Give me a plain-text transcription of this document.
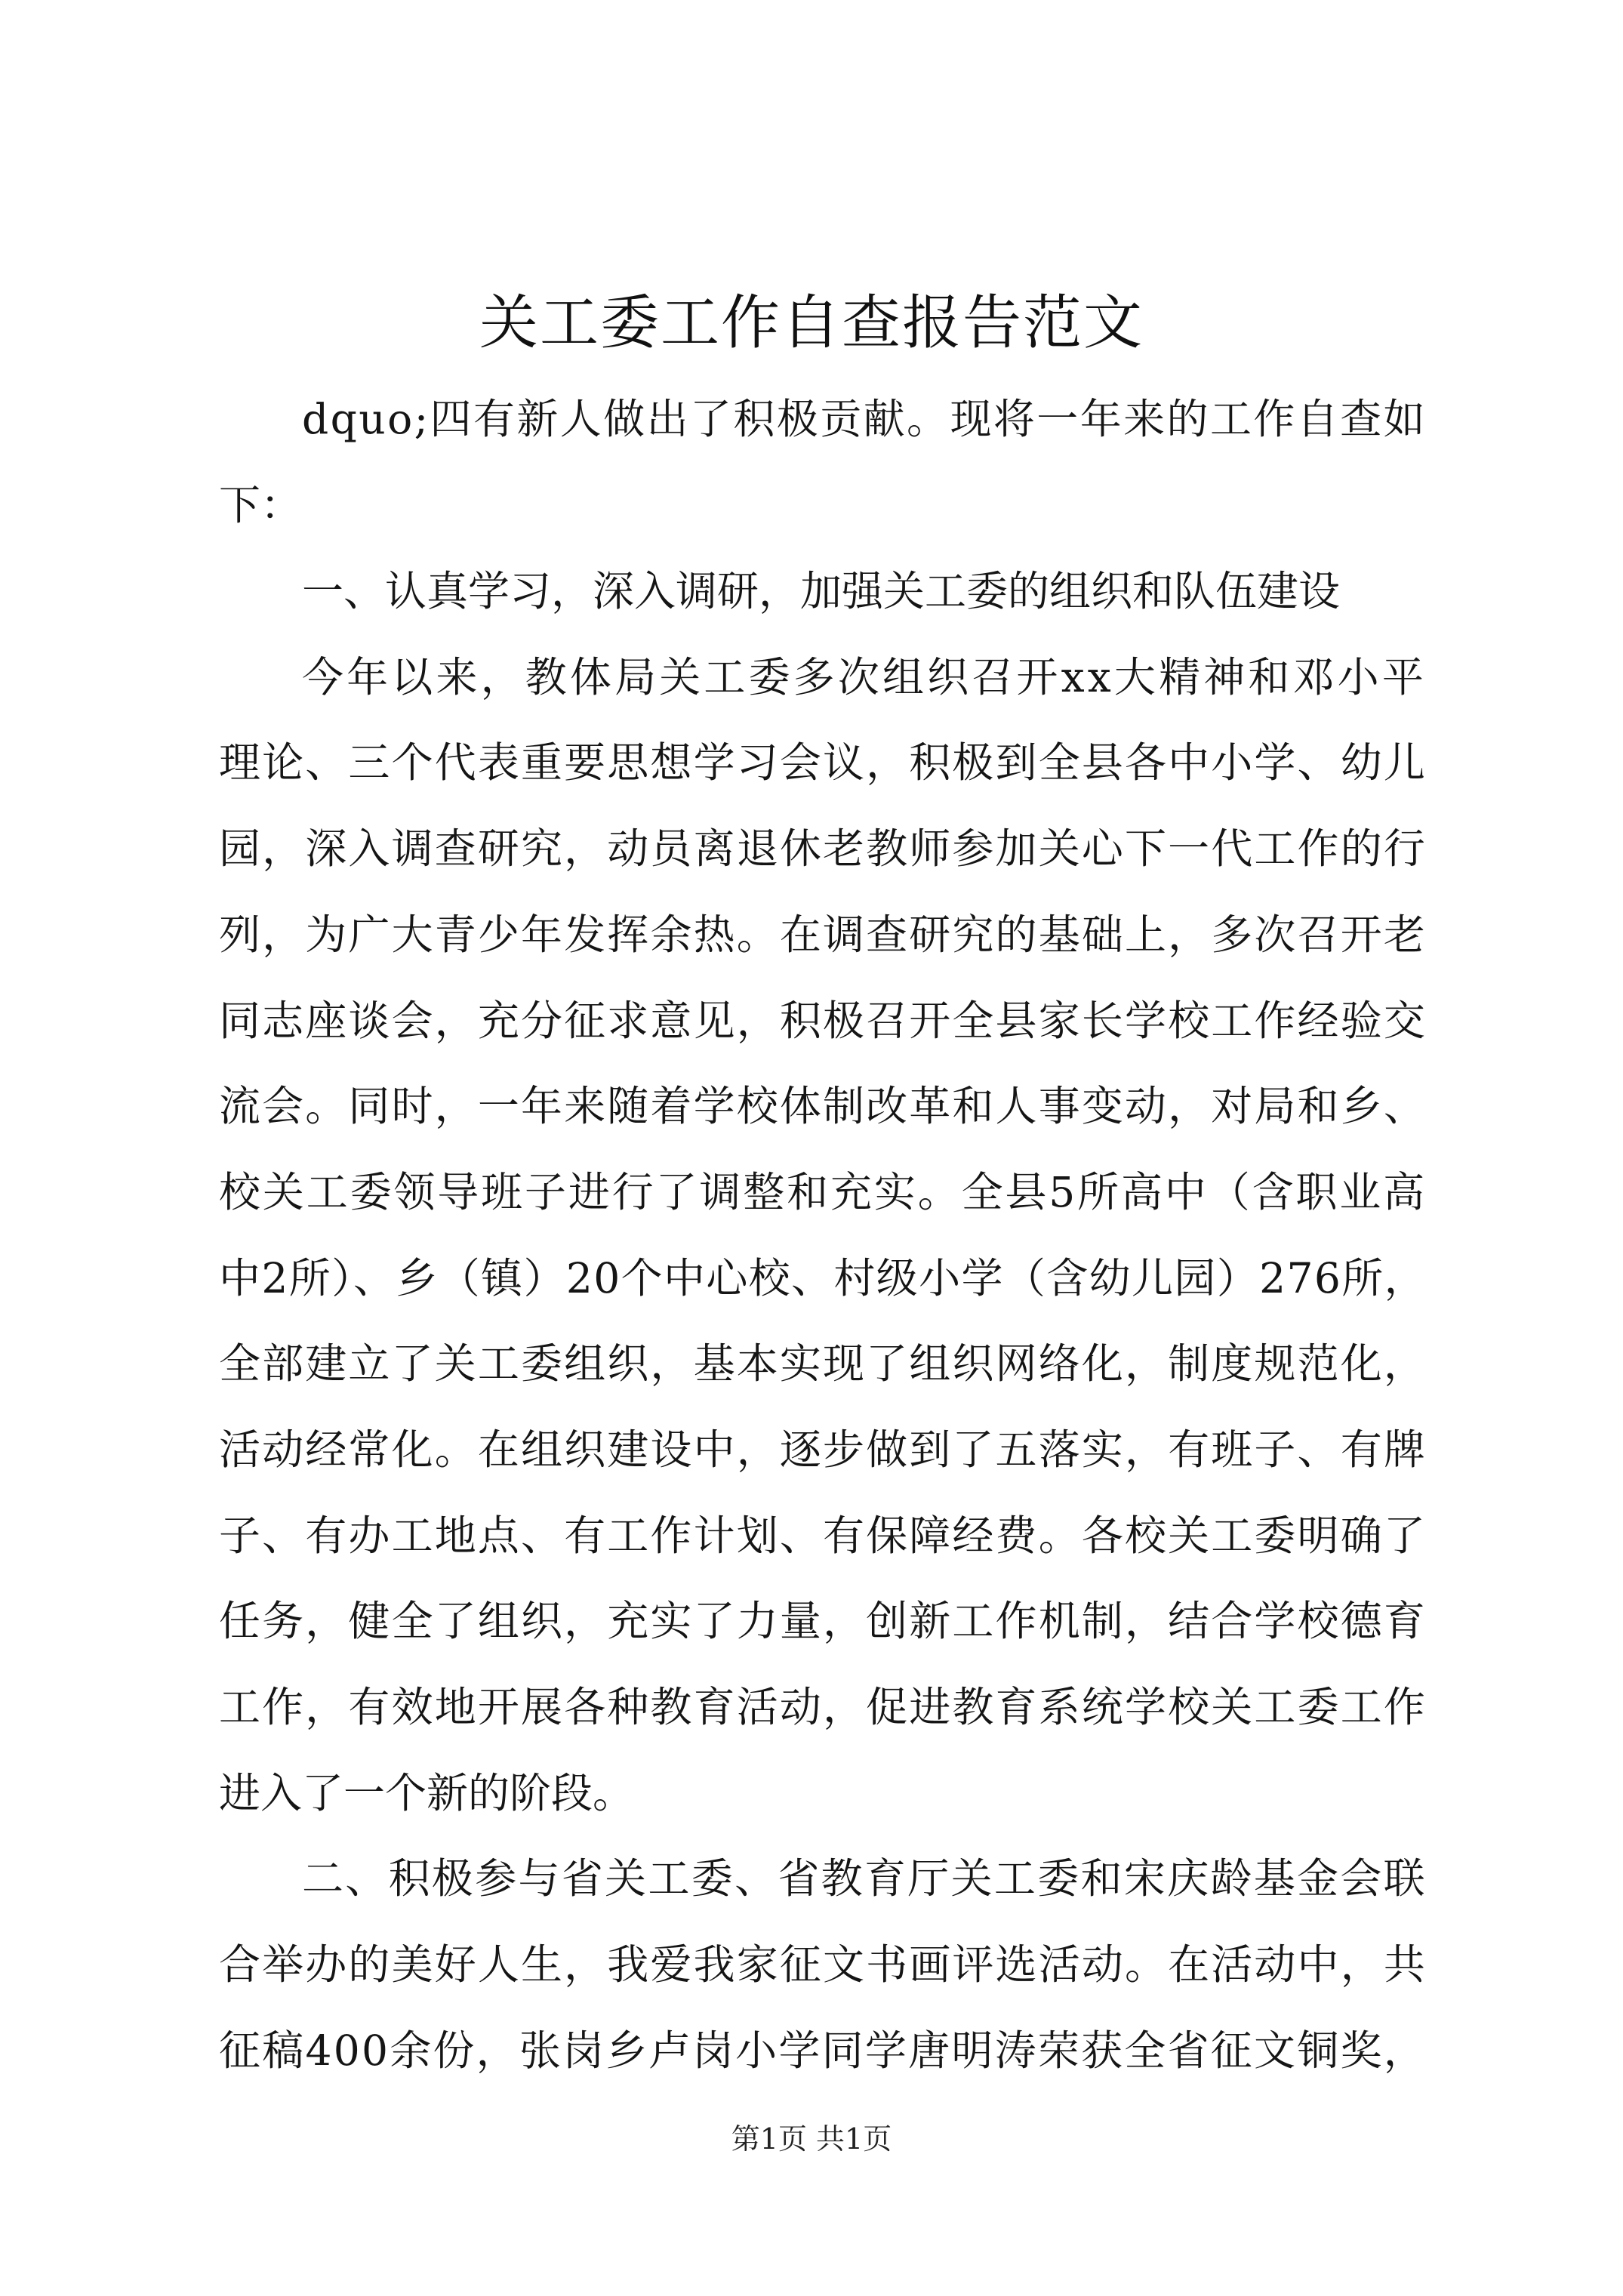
关工委工作自查报告范文
dquo;四有新人做出了积极贡献。现将一年来的工作自查如
下：
一、认真学习，深入调研，加强关工委的组织和队伍建设
今年以来，教体局关工委多次组织召开xx大精神和邓小平
理论、三个代表重要思想学习会议，积极到全县各中小学、幼儿
园，深入调查研究，动员离退休老教师参加关心下一代工作的行
列，为广大青少年发挥余热。在调查研究的基础上，多次召开老
同志座谈会，充分征求意见，积极召开全县家长学校工作经验交
流会。同时，一年来随着学校体制改革和人事变动，对局和乡、
校关工委领导班子进行了调整和充实。全县5所高中（含职业高
中2所）、乡（镇）20个中心校、村级小学（含幼儿园）276所，
全部建立了关工委组织，基本实现了组织网络化，制度规范化，
活动经常化。在组织建设中，逐步做到了五落实，有班子、有牌
子、有办工地点、有工作计划、有保障经费。各校关工委明确了
任务，健全了组织，充实了力量，创新工作机制，结合学校德育
工作，有效地开展各种教育活动，促进教育系统学校关工委工作
进入了一个新的阶段。
二、积极参与省关工委、省教育厅关工委和宋庆龄基金会联
合举办的美好人生，我爱我家征文书画评选活动。在活动中，共
征稿400余份，张岗乡卢岗小学同学唐明涛荣获全省征文铜奖，
第1页 共1页
